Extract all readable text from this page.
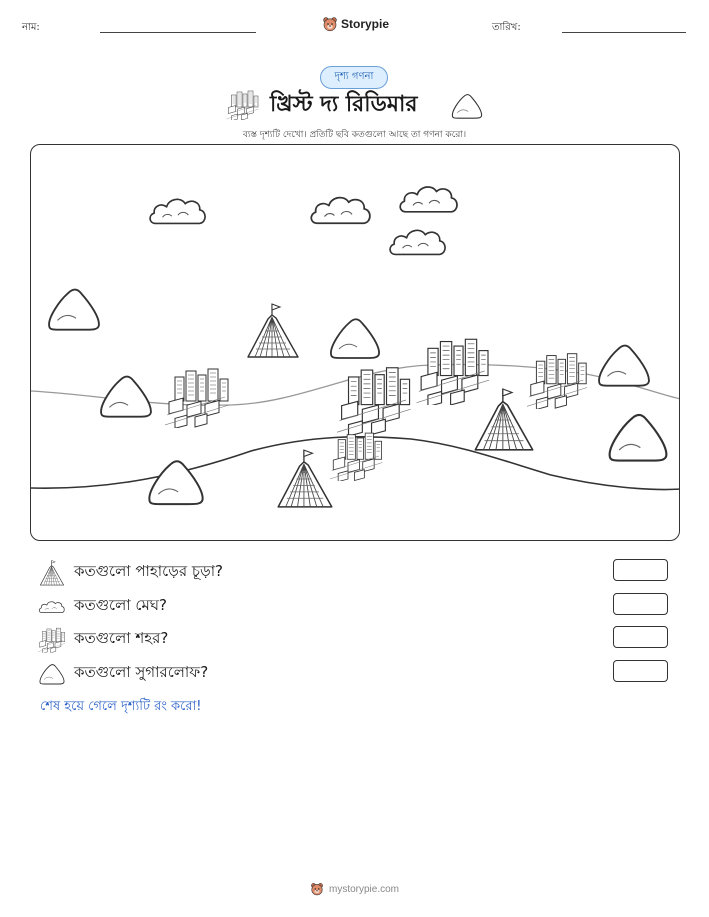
নাম:	Storypie	তারিখ:
দৃশ্য গণনা
খ্রিস্ট দ্য রিডিমার
ব্যস্ত দৃশ্যটি দেখো। প্রতিটি ছবি কতগুলো আছে তা গণনা করো।
কতগুলো পাহাড়ের চূড়া?
কতগুলো মেঘ?
কতগুলো শহর?
কতগুলো সুগারলোফ?
শেষ হয়ে গেলে দৃশ্যটি রং করো!
mystorypie.com
